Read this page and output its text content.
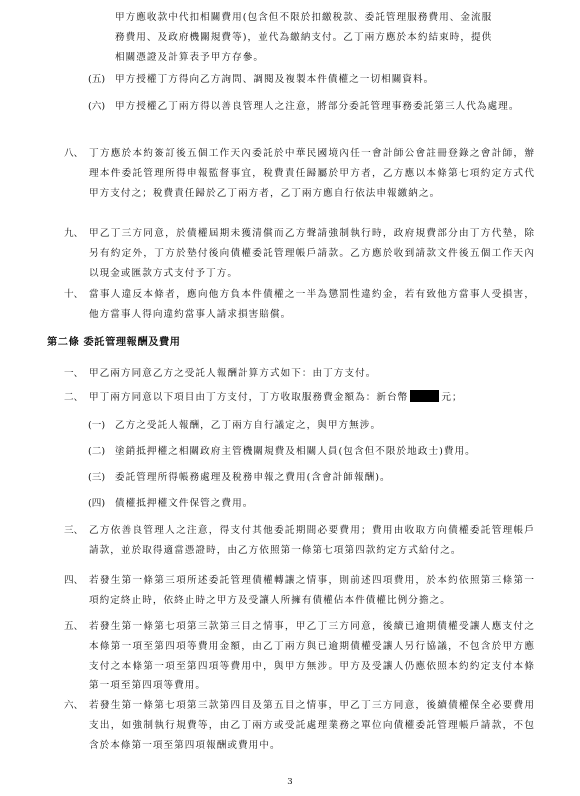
甲方應收款中代扣相關費用(包含但不限於扣繳稅款、委託管理服務費用、金流服
務費用、及政府機關規費等)，並代為繳納支付。乙丁兩方應於本約結束時，提供
相關憑證及計算表予甲方存參。
(五) 甲方授權丁方得向乙方詢問、調閱及複製本件債權之一切相關資料。
(六) 甲方授權乙丁兩方得以善良管理人之注意，將部分委託管理事務委託第三人代為處理。
八、 丁方應於本約簽訂後五個工作天內委託於中華民國境內任一會計師公會註冊登錄之會計師，辦理本件委託管理所得申報監督事宜，稅費責任歸屬於甲方者，乙方應以本條第七項約定方式代甲方支付之；稅費責任歸於乙丁兩方者，乙丁兩方應自行依法申報繳納之。
九、 甲乙丁三方同意，於債權屆期未獲清償而乙方聲請強制執行時，政府規費部分由丁方代墊，除另有約定外，丁方於墊付後向債權委託管理帳戶請款。乙方應於收到請款文件後五個工作天內以現金或匯款方式支付予丁方。
十、 當事人違反本條者，應向他方負本件債權之一半為懲罰性違約金，若有致他方當事人受損害，他方當事人得向違約當事人請求損害賠償。
第二條 委託管理報酬及費用
一、 甲乙兩方同意乙方之受託人報酬計算方式如下：由丁方支付。
二、 甲丁兩方同意以下項目由丁方支付，丁方收取服務費金額為：新台幣	元；
(一) 乙方之受託人報酬，乙丁兩方自行議定之，與甲方無涉。
(二) 塗銷抵押權之相關政府主管機關規費及相關人員(包含但不限於地政士)費用。
(三) 委託管理所得帳務處理及稅務申報之費用(含會計師報酬)。
(四) 債權抵押權文件保管之費用。
三、 乙方依善良管理人之注意，得支付其他委託期間必要費用；費用由收取方向債權委託管理帳戶請款，並於取得適當憑證時，由乙方依照第一條第七項第四款約定方式給付之。
四、 若發生第一條第三項所述委託管理債權轉讓之情事，則前述四項費用，於本約依照第三條第一項約定終止時，依終止時之甲方及受讓人所擁有債權佔本件債權比例分擔之。
五、 若發生第一條第七項第三款第三目之情事，甲乙丁三方同意，後續已逾期債權受讓人應支付之本條第一項至第四項等費用金額，由乙丁兩方與已逾期債權受讓人另行協議，不包含於甲方應支付之本條第一項至第四項等費用中，與甲方無涉。甲方及受讓人仍應依照本約約定支付本條第一項至第四項等費用。
六、 若發生第一條第七項第三款第四目及第五目之情事，甲乙丁三方同意，後續債權保全必要費用支出，如強制執行規費等，由乙丁兩方或受託處理業務之單位向債權委託管理帳戶請款，不包含於本條第一項至第四項報酬或費用中。
3
